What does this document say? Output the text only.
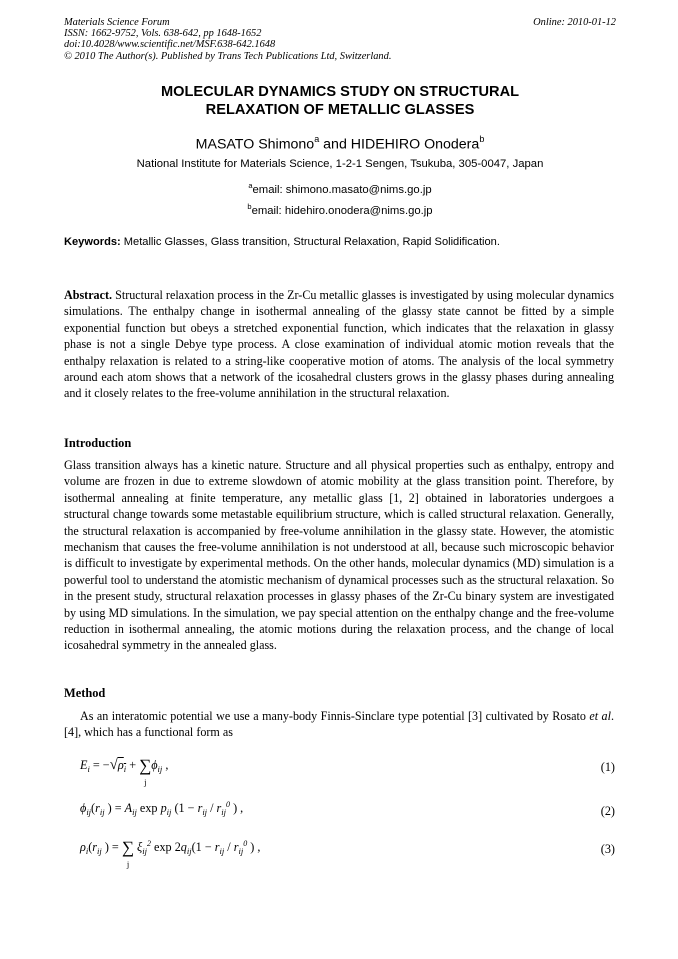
Materials Science Forum
ISSN: 1662-9752, Vols. 638-642, pp 1648-1652
doi:10.4028/www.scientific.net/MSF.638-642.1648
© 2010 The Author(s). Published by Trans Tech Publications Ltd, Switzerland.
Online: 2010-01-12
MOLECULAR DYNAMICS STUDY ON STRUCTURAL
RELAXATION OF METALLIC GLASSES
MASATO Shimono$^a$ and HIDEHIRO Onodera$^b$
National Institute for Materials Science, 1-2-1 Sengen, Tsukuba, 305-0047, Japan
$^a$email: shimono.masato@nims.go.jp
$^b$email: hidehiro.onodera@nims.go.jp
Keywords: Metallic Glasses, Glass transition, Structural Relaxation, Rapid Solidification.
Abstract. Structural relaxation process in the Zr-Cu metallic glasses is investigated by using molecular dynamics simulations. The enthalpy change in isothermal annealing of the glassy state cannot be fitted by a simple exponential function but obeys a stretched exponential function, which indicates that the relaxation in glassy phase is not a single Debye type process. A close examination of individual atomic motion reveals that the enthalpy relaxation is related to a string-like cooperative motion of atoms. The analysis of the local symmetry around each atom shows that a network of the icosahedral clusters grows in the glassy phases during annealing and it closely relates to the free-volume annihilation in the structural relaxation.
Introduction
Glass transition always has a kinetic nature. Structure and all physical properties such as enthalpy, entropy and volume are frozen in due to extreme slowdown of atomic mobility at the glass transition point. Therefore, by isothermal annealing at finite temperature, any metallic glass [1, 2] obtained in laboratories undergoes a structural change towards some metastable equilibrium structure, which is called structural relaxation. Generally, the structural relaxation is accompanied by free-volume annihilation in the glassy state. However, the atomistic mechanism that causes the free-volume annihilation is not understood at all, because such microscopic behavior is difficult to investigate by experimental methods. On the other hands, molecular dynamics (MD) simulation is a powerful tool to understand the atomistic mechanism of dynamical processes such as the structural relaxation. So in the present study, structural relaxation processes in glassy phases of the Zr-Cu binary system are investigated by using MD simulations. In the simulation, we pay special attention on the enthalpy change and the free-volume reduction in isothermal annealing, the atomic motions during the relaxation process, and the change of local icosahedral symmetry in the annealed glass.
Method
As an interatomic potential we use a many-body Finnis-Sinclare type potential [3] cultivated by Rosato et al. [4], which has a functional form as
$E_i = -√\rho_i$ + ∑
j
$\phi_{ij}$ ,	(1)
$\phi_{ij}(r_{ij}$ ) = $A_{ij}$ $\exp p_{ij}$ ($1 - r_{ij} / r_{ij}^0$ ) ,	(2)
$\rho_i(r_{ij}$ ) = ∑
j
$\xi_{ij}^2$ $\exp 2q_{ij}(1 - r_{ij} / r_{ij}^0$ ) ,	(3)
